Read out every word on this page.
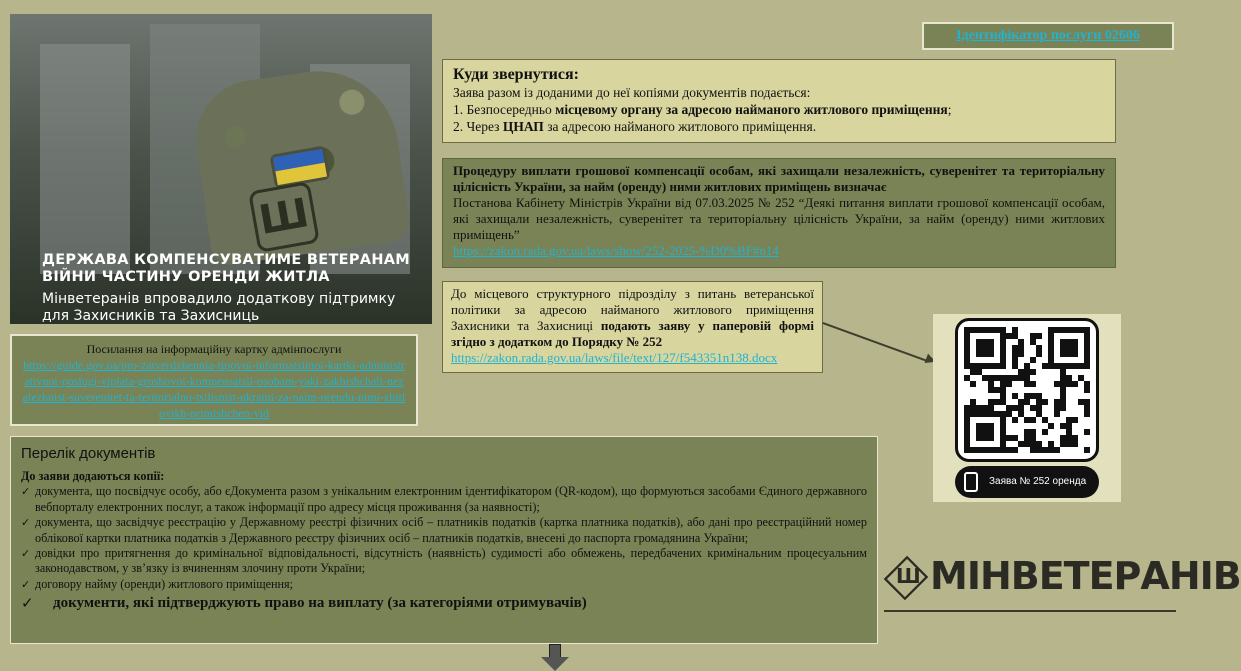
Ш
ДЕРЖАВА КОМПЕНСУВАТИМЕ ВЕТЕРАНАМ ВІЙНИ ЧАСТИНУ ОРЕНДИ ЖИТЛА
Мінветеранів впровадило додаткову підтримку для Захисників та Захисниць
Посилання на інформаційну картку адмінпослуги
https://guide.gov.ua/pro-zatverdzhennia-tipovoi-informatsiinoi-kartki-administrativnoi-poslugi-viplata-groshovoi-kompensatsii-osobam-yaki-zakhishchali-nezalezhnist-suverenitet-ta-teritorialnu-tsilisnist-ukraini-za-naim-orendu-nimi-zhitlovikh-primishchen-vid
Ідентифікатор послуги 02606
Куди звернутися:
Заява разом із доданими до неї копіями документів подається:
1. Безпосередньо місцевому органу за адресою найманого житлового приміщення;
2. Через ЦНАП за адресою найманого житлового приміщення.
Процедуру виплати грошової компенсації особам, які захищали незалежність, суверенітет та територіальну цілісність України, за найм (оренду) ними житлових приміщень визначає
Постанова Кабінету Міністрів України від 07.03.2025 № 252 “Деякі питання виплати грошової компенсації особам, які захищали незалежність, суверенітет та територіальну цілісність України, за найм (оренду) ними житлових приміщень”
https://zakon.rada.gov.ua/laws/show/252-2025-%D0%BF#n14
До місцевого структурного підрозділу з питань ветеранської політики за адресою найманого житлового приміщення Захисники та Захисниці подають заяву у паперовій формі згідно з додатком до Порядку № 252
https://zakon.rada.gov.ua/laws/file/text/127/f543351n138.docx
Заява № 252 оренда
Перелік документів
До заяви додаються копії:
✓ документа, що посвідчує особу, або єДокумента разом з унікальним електронним ідентифікатором (QR-кодом), що формуються засобами Єдиного державного вебпорталу електронних послуг, а також інформації про адресу місця проживання (за наявності);
✓ документа, що засвідчує реєстрацію у Державному реєстрі фізичних осіб – платників податків (картка платника податків), або дані про реєстраційний номер облікової картки платника податків з Державного реєстру фізичних осіб – платників податків, внесені до паспорта громадянина України;
✓ довідки про притягнення до кримінальної відповідальності, відсутність (наявність) судимості або обмежень, передбачених кримінальним процесуальним законодавством, у зв’язку із вчиненням злочину проти України;
✓ договору найму (оренди) житлового приміщення;
✓ документи, які підтверджують право на виплату (за категоріями отримувачів)
Ш МІНВЕТЕРАНІВ
